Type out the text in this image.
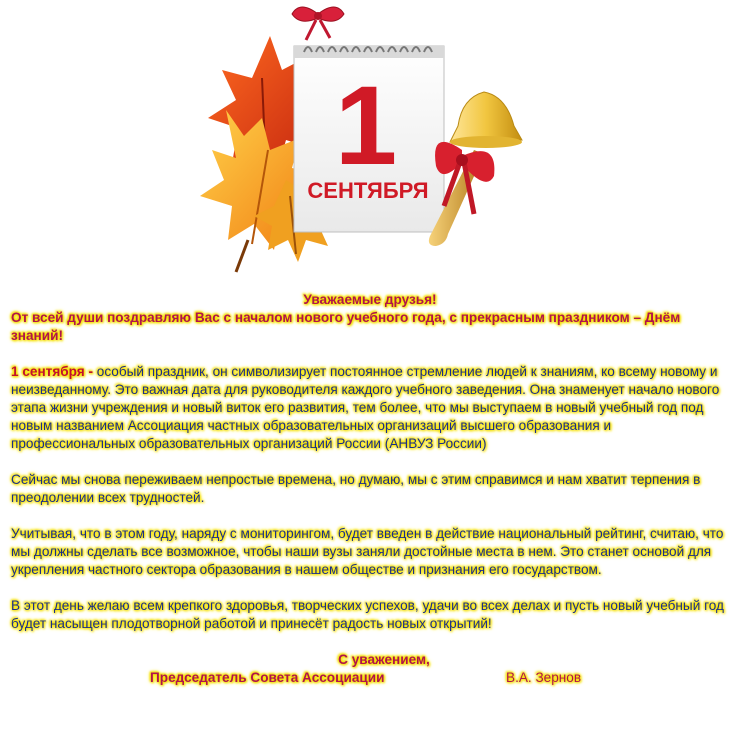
1
СЕНТЯБРЯ
Уважаемые друзья!
От всей души поздравляю Вас с началом нового учебного года, с прекрасным праздником – Днём знаний!
1 сентября - особый праздник, он символизирует постоянное стремление людей к знаниям, ко всему новому и неизведанному. Это важная дата для руководителя каждого учебного заведения. Она знаменует начало нового этапа жизни учреждения и новый виток его развития, тем более, что мы выступаем в новый учебный год под новым названием Ассоциация частных образовательных организаций высшего образования и профессиональных образовательных организаций России (АНВУЗ России)
Сейчас мы снова переживаем непростые времена, но думаю, мы с этим справимся и нам хватит терпения в преодолении всех трудностей.
Учитывая, что в этом году, наряду с мониторингом, будет введен в действие национальный рейтинг, считаю, что мы должны сделать все возможное, чтобы наши вузы заняли достойные места в нем. Это станет основой для укрепления частного сектора образования в нашем обществе и признания его государством.
В этот день желаю всем крепкого здоровья, творческих успехов, удачи во всех делах и пусть новый учебный год будет насыщен плодотворной работой и принесёт радость новых открытий!
С уважением,
Председатель Совета Ассоциации	В.А. Зернов
